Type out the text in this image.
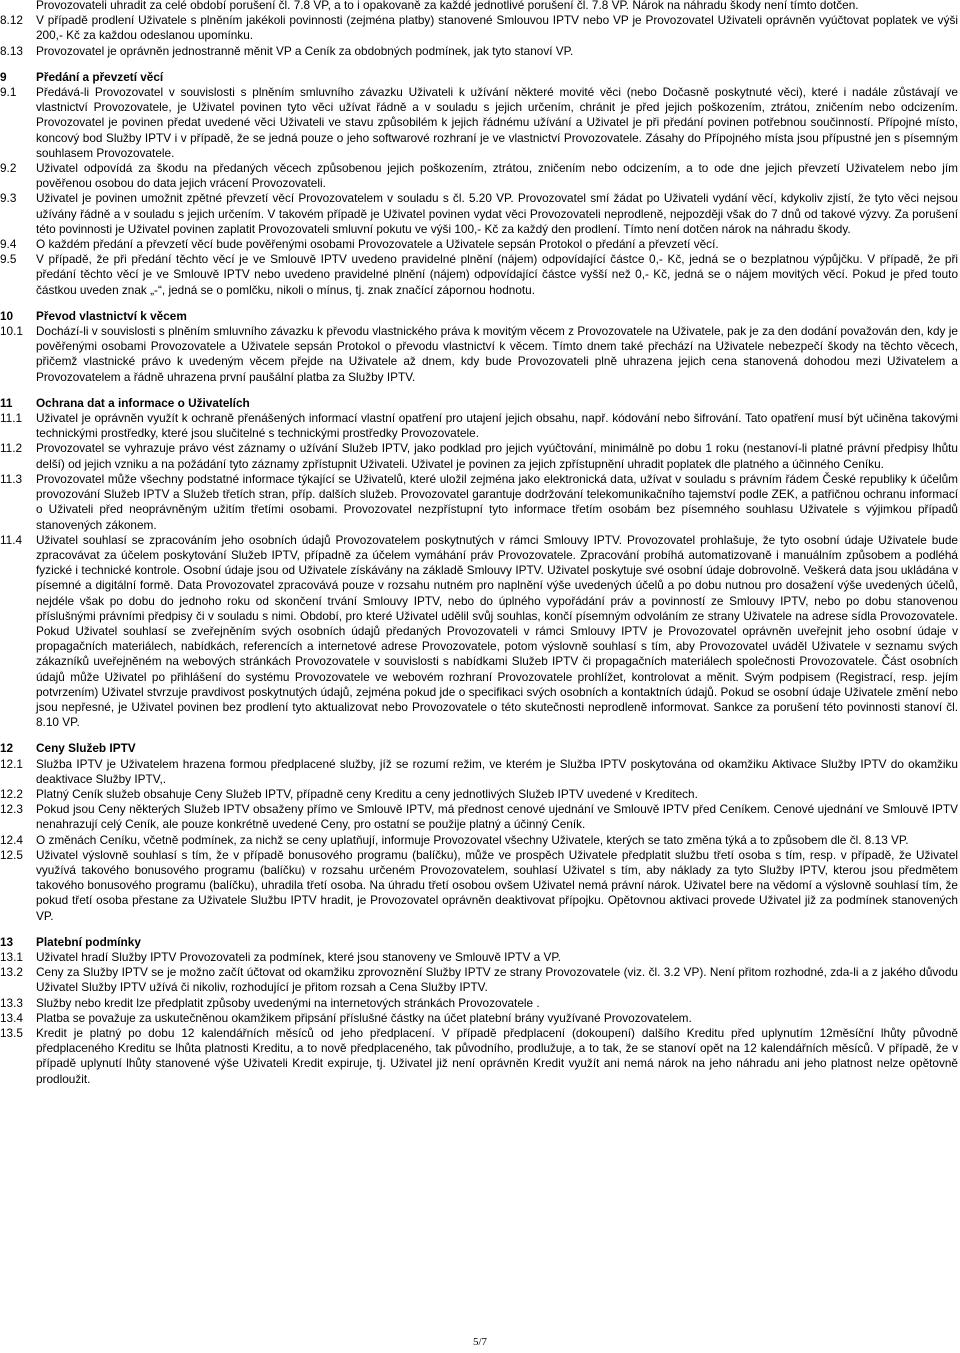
Provozovateli uhradit za celé období porušení čl. 7.8 VP, a to i opakovaně za každé jednotlivé porušení čl. 7.8 VP. Nárok na náhradu škody není tímto dotčen.
8.12 V případě prodlení Uživatele s plněním jakékoli povinnosti (zejména platby) stanovené Smlouvou IPTV nebo VP je Provozovatel Uživateli oprávněn vyúčtovat poplatek ve výši 200,- Kč za každou odeslanou upomínku.
8.13 Provozovatel je oprávněn jednostranně měnit VP a Ceník za obdobných podmínek, jak tyto stanoví VP.
9 Předání a převzetí věcí
9.1 Předává-li Provozovatel v souvislosti s plněním smluvního závazku Uživateli k užívání některé movité věci (nebo Dočasně poskytnuté věci), které i nadále zůstávají ve vlastnictví Provozovatele, je Uživatel povinen tyto věci užívat řádně a v souladu s jejich určením, chránit je před jejich poškozením, ztrátou, zničením nebo odcizením. Provozovatel je povinen předat uvedené věci Uživateli ve stavu způsobilém k jejich řádnému užívání a Uživatel je při předání povinen potřebnou součinností. Přípojné místo, koncový bod Služby IPTV i v případě, že se jedná pouze o jeho softwarové rozhraní je ve vlastnictví Provozovatele. Zásahy do Přípojného místa jsou přípustné jen s písemným souhlasem Provozovatele.
9.2 Uživatel odpovídá za škodu na předaných věcech způsobenou jejich poškozením, ztrátou, zničením nebo odcizením, a to ode dne jejich převzetí Uživatelem nebo jím pověřenou osobou do data jejich vrácení Provozovateli.
9.3 Uživatel je povinen umožnit zpětné převzetí věcí Provozovatelem v souladu s čl. 5.20 VP. Provozovatel smí žádat po Uživateli vydání věcí, kdykoliv zjistí, že tyto věci nejsou užívány řádně a v souladu s jejich určením. V takovém případě je Uživatel povinen vydat věci Provozovateli neprodleně, nejpozději však do 7 dnů od takové výzvy. Za porušení této povinnosti je Uživatel povinen zaplatit Provozovateli smluvní pokutu ve výši 100,- Kč za každý den prodlení. Tímto není dotčen nárok na náhradu škody.
9.4 O každém předání a převzetí věcí bude pověřenými osobami Provozovatele a Uživatele sepsán Protokol o předání a převzetí věcí.
9.5 V případě, že při předání těchto věcí je ve Smlouvě IPTV uvedeno pravidelné plnění (nájem) odpovídající částce 0,- Kč, jedná se o bezplatnou výpůjčku. V případě, že při předání těchto věcí je ve Smlouvě IPTV nebo uvedeno pravidelné plnění (nájem) odpovídající částce vyšší než 0,- Kč, jedná se o nájem movitých věcí. Pokud je před touto částkou uveden znak „-“, jedná se o pomlčku, nikoli o mínus, tj. znak značící zápornou hodnotu.
10 Převod vlastnictví k věcem
10.1 Dochází-li v souvislosti s plněním smluvního závazku k převodu vlastnického práva k movitým věcem z Provozovatele na Uživatele, pak je za den dodání považován den, kdy je pověřenými osobami Provozovatele a Uživatele sepsán Protokol o převodu vlastnictví k věcem. Tímto dnem také přechází na Uživatele nebezpečí škody na těchto věcech, přičemž vlastnické právo k uvedeným věcem přejde na Uživatele až dnem, kdy bude Provozovateli plně uhrazena jejich cena stanovená dohodou mezi Uživatelem a Provozovatelem a řádně uhrazena první paušální platba za Služby IPTV.
11 Ochrana dat a informace o Uživatelích
11.1 Uživatel je oprávněn využít k ochraně přenášených informací vlastní opatření pro utajení jejich obsahu, např. kódování nebo šifrování. Tato opatření musí být učiněna takovými technickými prostředky, které jsou slučitelné s technickými prostředky Provozovatele.
11.2 Provozovatel se vyhrazuje právo vést záznamy o užívání Služeb IPTV, jako podklad pro jejich vyúčtování, minimálně po dobu 1 roku (nestanoví-li platné právní předpisy lhůtu delší) od jejich vzniku a na požádání tyto záznamy zpřístupnit Uživateli. Uživatel je povinen za jejich zpřístupnění uhradit poplatek dle platného a účinného Ceníku.
11.3 Provozovatel může všechny podstatné informace týkající se Uživatelů, které uložil zejména jako elektronická data, užívat v souladu s právním řádem České republiky k účelům provozování Služeb IPTV a Služeb třetích stran, příp. dalších služeb. Provozovatel garantuje dodržování telekomunikačního tajemství podle ZEK, a patřičnou ochranu informací o Uživateli před neoprávněným užitím třetími osobami. Provozovatel nezpřístupní tyto informace třetím osobám bez písemného souhlasu Uživatele s výjimkou případů stanovených zákonem.
11.4 Uživatel souhlasí se zpracováním jeho osobních údajů Provozovatelem poskytnutých v rámci Smlouvy IPTV. Provozovatel prohlašuje, že tyto osobní údaje Uživatele bude zpracovávat za účelem poskytování Služeb IPTV, případně za účelem vymáhání práv Provozovatele. Zpracování probíhá automatizovaně i manuálním způsobem a podléhá fyzické i technické kontrole. Osobní údaje jsou od Uživatele získávány na základě Smlouvy IPTV. Uživatel poskytuje své osobní údaje dobrovolně. Veškerá data jsou ukládána v písemné a digitální formě. Data Provozovatel zpracovává pouze v rozsahu nutném pro naplnění výše uvedených účelů a po dobu nutnou pro dosažení výše uvedených účelů, nejdéle však po dobu do jednoho roku od skončení trvání Smlouvy IPTV, nebo do úplného vypořádání práv a povinností ze Smlouvy IPTV, nebo po dobu stanovenou příslušnými právními předpisy či v souladu s nimi. Období, pro které Uživatel udělil svůj souhlas, končí písemným odvoláním ze strany Uživatele na adrese sídla Provozovatele. Pokud Uživatel souhlasí se zveřejněním svých osobních údajů předaných Provozovateli v rámci Smlouvy IPTV je Provozovatel oprávněn uveřejnit jeho osobní údaje v propagačních materiálech, nabídkách, referencích a internetové adrese Provozovatele, potom výslovně souhlasí s tím, aby Provozovatel uváděl Uživatele v seznamu svých zákazníků uveřejněném na webových stránkách Provozovatele v souvislosti s nabídkami Služeb IPTV či propagačních materiálech společnosti Provozovatele. Část osobních údajů může Uživatel po přihlášení do systému Provozovatele ve webovém rozhraní Provozovatele prohlížet, kontrolovat a měnit. Svým podpisem (Registrací, resp. jejím potvrzením) Uživatel stvrzuje pravdivost poskytnutých údajů, zejména pokud jde o specifikaci svých osobních a kontaktních údajů. Pokud se osobní údaje Uživatele změní nebo jsou nepřesné, je Uživatel povinen bez prodlení tyto aktualizovat nebo Provozovatele o této skutečnosti neprodleně informovat. Sankce za porušení této povinnosti stanoví čl. 8.10 VP.
12 Ceny Služeb IPTV
12.1 Služba IPTV je Uživatelem hrazena formou předplacené služby, jíž se rozumí režim, ve kterém je Služba IPTV poskytována od okamžiku Aktivace Služby IPTV do okamžiku deaktivace Služby IPTV,.
12.2 Platný Ceník služeb obsahuje Ceny Služeb IPTV, případně ceny Kreditu a ceny jednotlivých Služeb IPTV uvedené v Kreditech.
12.3 Pokud jsou Ceny některých Služeb IPTV obsaženy přímo ve Smlouvě IPTV, má přednost cenové ujednání ve Smlouvě IPTV před Ceníkem. Cenové ujednání ve Smlouvě IPTV nenahrazují celý Ceník, ale pouze konkrétně uvedené Ceny, pro ostatní se použije platný a účinný Ceník.
12.4 O změnách Ceníku, včetně podmínek, za nichž se ceny uplatňují, informuje Provozovatel všechny Uživatele, kterých se tato změna týká a to způsobem dle čl. 8.13 VP.
12.5 Uživatel výslovně souhlasí s tím, že v případě bonusového programu (balíčku), může ve prospěch Uživatele předplatit službu třetí osoba s tím, resp. v případě, že Uživatel využívá takového bonusového programu (balíčku) v rozsahu určeném Provozovatelem, souhlasí Uživatel s tím, aby náklady za tyto Služby IPTV, kterou jsou předmětem takového bonusového programu (balíčku), uhradila třetí osoba. Na úhradu třetí osobou ovšem Uživatel nemá právní nárok. Uživatel bere na vědomí a výslovně souhlasí tím, že pokud třetí osoba přestane za Uživatele Službu IPTV hradit, je Provozovatel oprávněn deaktivovat přípojku. Opětovnou aktivaci provede Uživatel již za podmínek stanovených VP.
13 Platební podmínky
13.1 Uživatel hradí Služby IPTV Provozovateli za podmínek, které jsou stanoveny ve Smlouvě IPTV a VP.
13.2 Ceny za Služby IPTV se je možno začít účtovat od okamžiku zprovoznění Služby IPTV ze strany Provozovatele (viz. čl. 3.2 VP). Není přitom rozhodné, zda-li a z jakého důvodu Uživatel Služby IPTV užívá či nikoliv, rozhodující je přitom rozsah a Cena Služby IPTV.
13.3 Služby nebo kredit lze předplatit způsoby uvedenými na internetových stránkách Provozovatele .
13.4 Platba se považuje za uskutečněnou okamžikem připsání příslušné částky na účet platební brány využívané Provozovatelem.
13.5 Kredit je platný po dobu 12 kalendářních měsíců od jeho předplacení. V případě předplacení (dokoupení) dalšího Kreditu před uplynutím 12měsíční lhůty původně předplaceného Kreditu se lhůta platnosti Kreditu, a to nově předplaceného, tak původního, prodlužuje, a to tak, že se stanoví opět na 12 kalendářních měsíců. V případě, že v případě uplynutí lhůty stanovené výše Uživateli Kredit expiruje, tj. Uživatel již není oprávněn Kredit využít ani nemá nárok na jeho náhradu ani jeho platnost nelze opětovně prodloužit.
5/7
